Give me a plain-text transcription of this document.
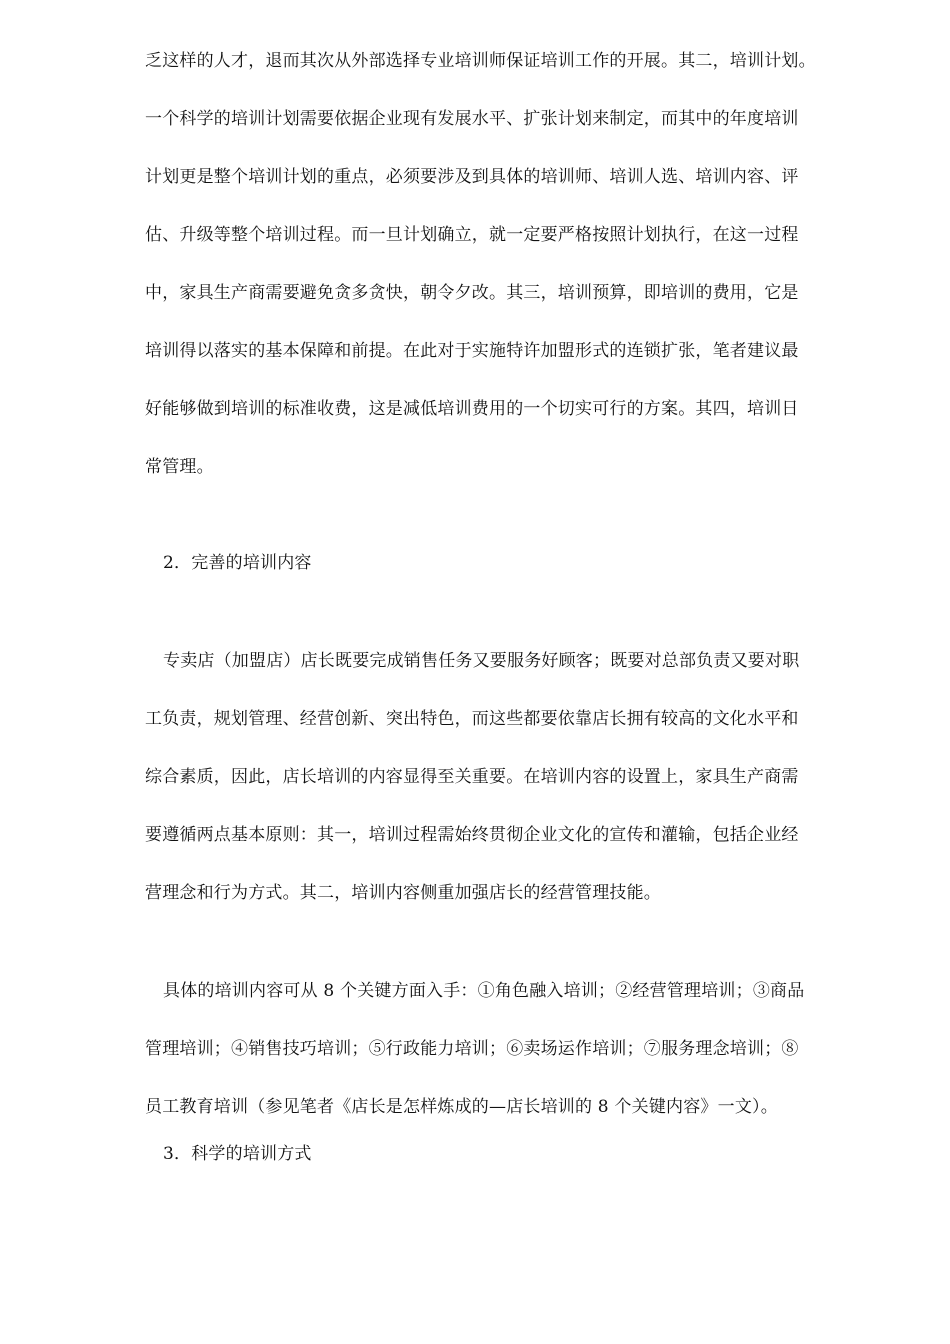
乏这样的人才，退而其次从外部选择专业培训师保证培训工作的开展。其二，培训计划。
一个科学的培训计划需要依据企业现有发展水平、扩张计划来制定，而其中的年度培训
计划更是整个培训计划的重点，必须要涉及到具体的培训师、培训人选、培训内容、评
估、升级等整个培训过程。而一旦计划确立，就一定要严格按照计划执行，在这一过程
中，家具生产商需要避免贪多贪快，朝令夕改。其三，培训预算，即培训的费用，它是
培训得以落实的基本保障和前提。在此对于实施特许加盟形式的连锁扩张，笔者建议最
好能够做到培训的标准收费，这是减低培训费用的一个切实可行的方案。其四，培训日
常管理。
2．完善的培训内容
专卖店（加盟店）店长既要完成销售任务又要服务好顾客；既要对总部负责又要对职
工负责，规划管理、经营创新、突出特色，而这些都要依靠店长拥有较高的文化水平和
综合素质，因此，店长培训的内容显得至关重要。在培训内容的设置上，家具生产商需
要遵循两点基本原则：其一，培训过程需始终贯彻企业文化的宣传和灌输，包括企业经
营理念和行为方式。其二，培训内容侧重加强店长的经营管理技能。
具体的培训内容可从 8 个关键方面入手：①角色融入培训；②经营管理培训；③商品
管理培训；④销售技巧培训；⑤行政能力培训；⑥卖场运作培训；⑦服务理念培训；⑧
员工教育培训（参见笔者《店长是怎样炼成的—店长培训的 8 个关键内容》一文）。
3．科学的培训方式
